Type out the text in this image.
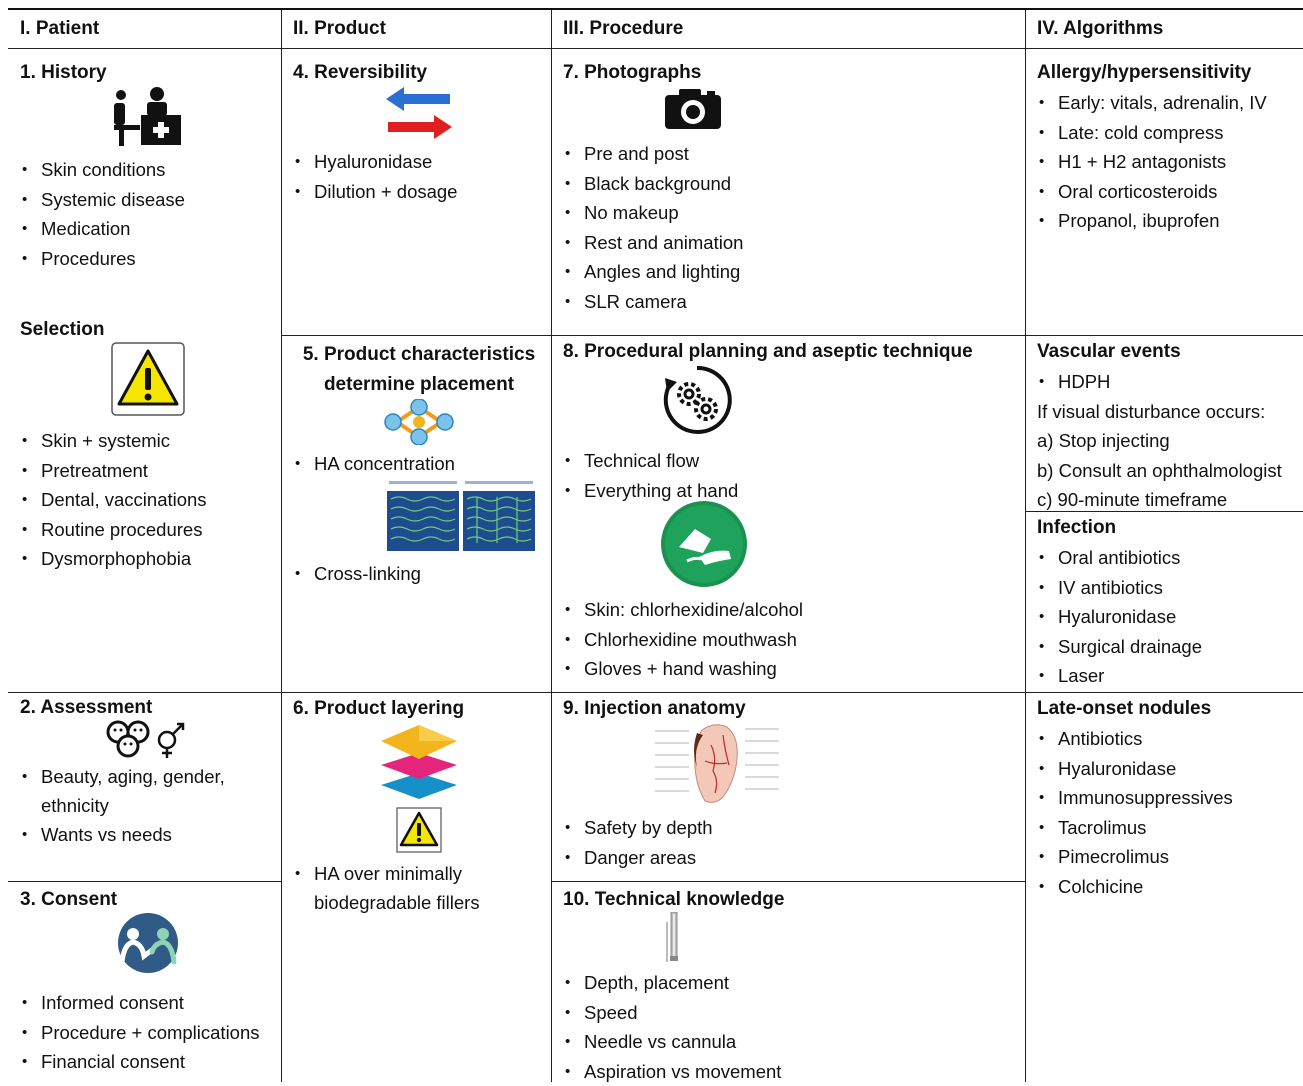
I. Patient	II. Product	III. Procedure	IV. Algorithms
1. History
• Skin conditions
• Systemic disease
• Medication
• Procedures
Selection
• Skin + systemic
• Pretreatment
• Dental, vaccinations
• Routine procedures
• Dysmorphophobia
2. Assessment
• Beauty, aging, gender, ethnicity
• Wants vs needs
3. Consent
• Informed consent
• Procedure + complications
• Financial consent
4. Reversibility
• Hyaluronidase
• Dilution + dosage
5. Product characteristics determine placement
• HA concentration
• Cross-linking
6. Product layering
• HA over minimally biodegradable fillers
7. Photographs
• Pre and post
• Black background
• No makeup
• Rest and animation
• Angles and lighting
• SLR camera
8. Procedural planning and aseptic technique
• Technical flow
• Everything at hand
• Skin: chlorhexidine/alcohol
• Chlorhexidine mouthwash
• Gloves + hand washing
9. Injection anatomy
• Safety by depth
• Danger areas
10. Technical knowledge
• Depth, placement
• Speed
• Needle vs cannula
• Aspiration vs movement
Allergy/hypersensitivity
• Early: vitals, adrenalin, IV
• Late: cold compress
• H1 + H2 antagonists
• Oral corticosteroids
• Propanol, ibuprofen
Vascular events
• HDPH
If visual disturbance occurs:
a) Stop injecting
b) Consult an ophthalmologist
c) 90-minute timeframe
Infection
• Oral antibiotics
• IV antibiotics
• Hyaluronidase
• Surgical drainage
• Laser
Late-onset nodules
• Antibiotics
• Hyaluronidase
• Immunosuppressives
• Tacrolimus
• Pimecrolimus
• Colchicine
